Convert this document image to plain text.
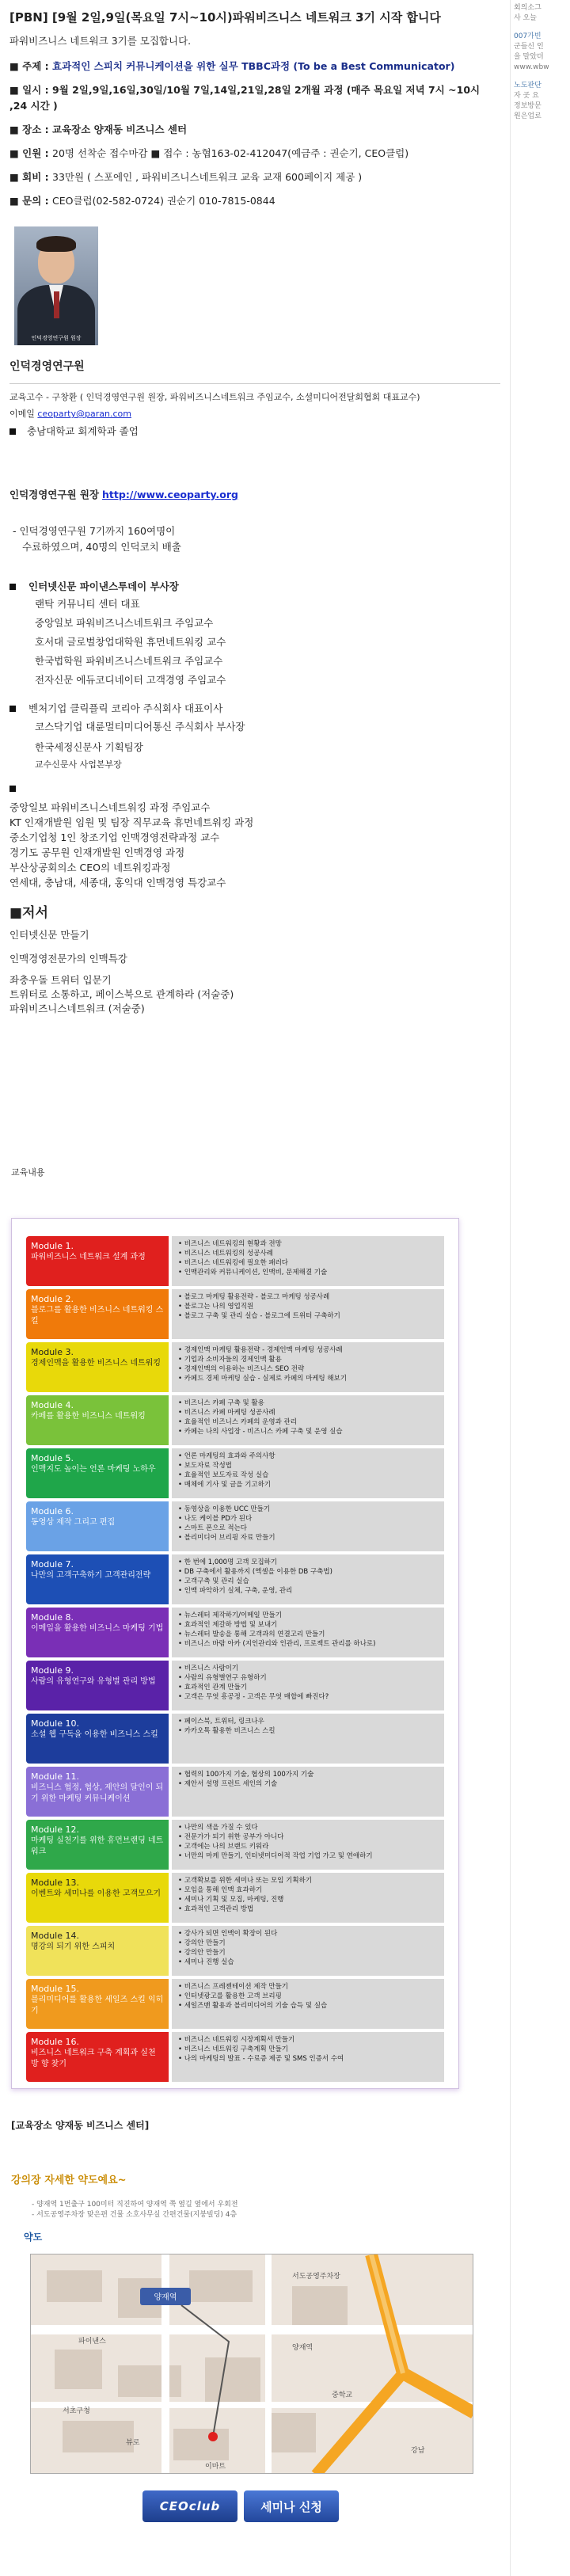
[PBN] [9월 2일,9일(목요일 7시~10시)파워비즈니스 네트워크 3기 시작 합니다
파워비즈니스 네트워크 3기를 모집합니다.
■ 주제 : 효과적인 스피치 커뮤니케이션을 위한 실무 TBBC과정 (To be a Best Communicator)
■ 일시 : 9월 2일,9일,16일,30일/10월 7일,14일,21일,28일 2개월 과정 (매주 목요일 저녁 7시 ~10시 ,24 시간 )
■ 장소 : 교육장소 양재동 비즈니스 센터
■ 인원 : 20명 선착순 접수마감 ■ 접수 : 농협163-02-412047(예금주 : 권순기, CEO클럽)
■ 회비 : 33만원 ( 스포에인 , 파워비즈니스네트워크 교육 교재 600페이지 제공 )
■ 문의 : CEO클럽(02-582-0724) 권순기 010-7815-0844
인덕경영연구원 원장
인덕경영연구원
교육고수 - 구창환 ( 인덕경영연구원 원장, 파워비즈니스네트워크 주임교수, 소셜미디어전달회협회 대표교수)
이메일 ceoparty@paran.com
충남대학교 회계학과 졸업
인덕경영연구원 원장 http://www.ceoparty.org
- 인덕경영연구원 7기까지 160여명이
수료하였으며, 40명의 인덕코치 배출
인터넷신문 파이낸스투데이 부사장
랜탁 커뮤니티 센터 대표
중앙일보 파워비즈니스네트워크 주임교수
호서대 글로벌창업대학원 휴먼네트워킹 교수
한국법학원 파워비즈니스네트워크 주임교수
전자신문 에듀코디네이터 고객경영 주임교수
벤처기업 클릭플릭 코리아 주식회사 대표이사
코스닥기업 대륜멀티미디어통신 주식회사 부사장
한국세정신문사 기획팀장
교수신문사 사업본부장
중앙일보 파워비즈니스네트워킹 과정 주임교수
KT 인재개발원 임원 및 팀장 직무교육 휴먼네트워킹 과정
중소기업청 1인 창조기업 인맥경영전략과정 교수
경기도 공무원 인재개발원 인맥경영 과정
부산상공회의소 CEO의 네트워킹과정
연세대, 충남대, 세종대, 홍익대 인맥경영 특강교수
■저서
인터넷신문 만들기
인맥경영전문가의 인맥특강
좌충우돌 트위터 입문기
트위터로 소통하고, 페이스북으로 관계하라 (저술중)
파워비즈니스네트워크 (저술중)
교육내용
Module 1.
파워비즈니스 네트워크 설계 과정
• 비즈니스 네트워킹의 현황과 전망
• 비즈니스 네트워킹의 성공사례
• 비즈니스 네트워킹에 필요한 패러다
• 인맥관리와 커뮤니케이션, 인맥비, 문제해결 기술
Module 2.
블로그를 활용한 비즈니스 네트워킹 스킬
• 블로그 마케팅 활용전략 - 블로그 마케팅 성공사례
• 블로그는 나의 영업직원
• 블로그 구축 및 관리 실습 - 블로그에 트위터 구축하기
Module 3.
경제인맥을 활용한 비즈니스 네트워킹
• 경제인맥 마케팅 활용전략 - 경제인맥 마케팅 성공사례
• 기업과 소비자들의 경제인맥 활용
• 경제인맥의 이용하는 비즈니스 SEO 전략
• 카페드 경제 마케팅 실습 - 실제로 카페의 마케팅 해보기
Module 4.
카페를 활용한 비즈니스 네트워킹
• 비즈니스 카페 구축 및 활용
• 비즈니스 카페 마케팅 성공사례
• 효율적인 비즈니스 카페의 운영과 관리
• 카페는 나의 사업장 - 비즈니스 카페 구축 및 운영 실습
Module 5.
인맥지도 높이는 언론 마케팅 노하우
• 언론 마케팅의 효과와 주의사항
• 보도자료 작성법
• 효율적인 보도자료 작성 실습
• 매체에 기사 및 글을 기고하기
Module 6.
동영상 제작 그리고 편집
• 동영상을 이용한 UCC 만들기
• 나도 케이블 PD가 된다
• 스마트 폰으로 적는다
• 블리미디어 브리핑 자료 만들기
Module 7.
나만의 고객구축하기 고객관리전략
• 한 번에 1,000명 고객 모집하기
• DB 구축에서 활용까지 (엑셀을 이용한 DB 구축법)
• 고객구축 및 관리 실습
• 인맥 파악하기 실체, 구축, 운영, 관리
Module 8.
이메일을 활용한 비즈니스 마케팅 기법
• 뉴스레터 제작하기/이메일 만들기
• 효과적인 제갈하 방법 및 보내기
• 뉴스레터 발송을 통해 고객과의 연결고리 만들기
• 비즈니스 바람 아카 (지인관리와 인관리, 프로젝트 관리를 하나로)
Module 9.
사람의 유형연구와 유형별 관리 방법
• 비즈니스 사람이기
• 사람의 유형별연구 유형하기
• 효과적인 관계 만들기
• 고객은 무엇 흥공정 - 고객은 무엇 매합에 빠진다?
Module 10.
소셜 웹 구독을 이용한 비즈니스 스킬
• 페이스북, 트위터, 링크나우
• 카카오톡 활용한 비즈니스 스킬
Module 11.
비즈니스 협정, 협상, 제안의 달인이 되기 위한 마케팅 커뮤니케이션
• 협력의 100가지 기술, 협상의 100가지 기술
• 제안서 설명 프런트 세인의 기술
Module 12.
마케팅 실천기를 위한 휴먼브랜딩 네트워크
• 나만의 색을 가질 수 있다
• 전문가가 되기 위한 공부가 아니다
• 고객에는 나의 브랜드 키워라
• 너만의 마케 만들기, 인터넷미디어적 작업 기업 가고 및 연애하기
Module 13.
이벤트와 세미나를 이용한 고객모으기
• 고객확보를 위한 세미나 또는 모임 기획하기
• 모임을 통해 인맥 효과하기
• 세미나 기획 및 모집, 마케팅, 진행
• 효과적인 고객관리 방법
Module 14.
명강의 되기 위한 스피치
• 강사가 되면 인맥이 확장이 된다
• 강의안 만들기
• 강의안 만들기
• 세미나 진행 실습
Module 15.
블리미디어를 활용한 세일즈 스킬 익히기
• 비즈니스 프레젠테이션 제작 만들기
• 인터넷광고를 활용한 고객 브리핑
• 세일즈맨 활용과 블리미디어의 기술 습득 및 실습
Module 16.
비즈니스 네트워크 구축 계획과 실천 방 향 찾기
• 비즈니스 네트워킹 시장계획서 만들기
• 비즈니스 네트워킹 구축계획 만들기
• 나의 마케팅의 발표 - 수료증 제공 및 SMS 인증서 수여
[교육장소 양재동 비즈니스 센터]
강의장 자세한 약도예요~
- 양재역 1번출구 100미터 직진하여 양재역 쭉 옆길 옆에서 우회전
- 서도공영주차장 맞은편 건물 소호사무실 간편건물(지붕빌딩) 4층
약도
양재역
서도공영주차장
파이낸스
양재역
강남
서초구청
이마트
중학교
뷰로
CEOclub	세미나 신청
회의소그
사 오늘
007가빈
군들신 인
을 말았더
www.wbw
노도판단
자 곳 요
정보방문
원은업로
